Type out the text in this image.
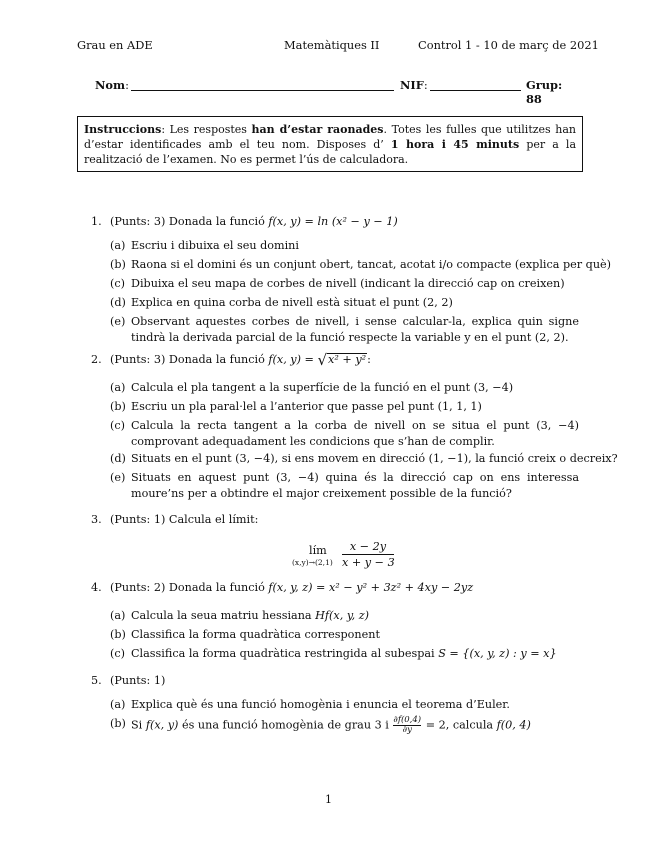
Grau en ADE	Matemàtiques II	Control 1 - 10 de març de 2021
Nom:	NIF:	Grup: 88
Instruccions: Les respostes han d’estar raonades. Totes les fulles que utilitzes han d’estar identificades amb el teu nom. Disposes d’ 1 hora i 45 minuts per a la realització de l’examen. No es permet l’ús de calculadora.
1. (Punts: 3) Donada la funció f(x, y) = ln (x² − y − 1)
(a) Escriu i dibuixa el seu domini
(b) Raona si el domini és un conjunt obert, tancat, acotat i/o compacte (explica per què)
(c) Dibuixa el seu mapa de corbes de nivell (indicant la direcció cap on creixen)
(d) Explica en quina corba de nivell està situat el punt (2, 2)
(e) Observant aquestes corbes de nivell, i sense calcular-la, explica quin signe tindrà la derivada parcial de la funció respecte la variable y en el punt (2, 2).
2. (Punts: 3) Donada la funció f(x, y) = √x² + y²:
(a) Calcula el pla tangent a la superfície de la funció en el punt (3, −4)
(b) Escriu un pla paral·lel a l’anterior que passe pel punt (1, 1, 1)
(c) Calcula la recta tangent a la corba de nivell on se situa el punt (3, −4) comprovant adequadament les condicions que s’han de complir.
(d) Situats en el punt (3, −4), si ens movem en direcció (1, −1), la funció creix o decreix?
(e) Situats en aquest punt (3, −4) quina és la direcció cap on ens interessa moure’ns per a obtindre el major creixement possible de la funció?
3. (Punts: 1) Calcula el límit:
lím
$(x,y)\to(2,1) \frac{x - 2y}{x + y - 3}$
4. (Punts: 2) Donada la funció f(x, y, z) = x² − y² + 3z² + 4xy − 2yz
(a) Calcula la seua matriu hessiana Hf(x, y, z)
(b) Classifica la forma quadràtica corresponent
(c) Classifica la forma quadràtica restringida al subespai S = {(x, y, z) : y = x}
5. (Punts: 1)
(a) Explica què és una funció homogènia i enuncia el teorema d’Euler.
(b) Si f(x, y) és una funció homogènia de grau 3 i $\frac{\partial f(0,4)}{\partial y} = 2$, calcula f(0, 4)
1
